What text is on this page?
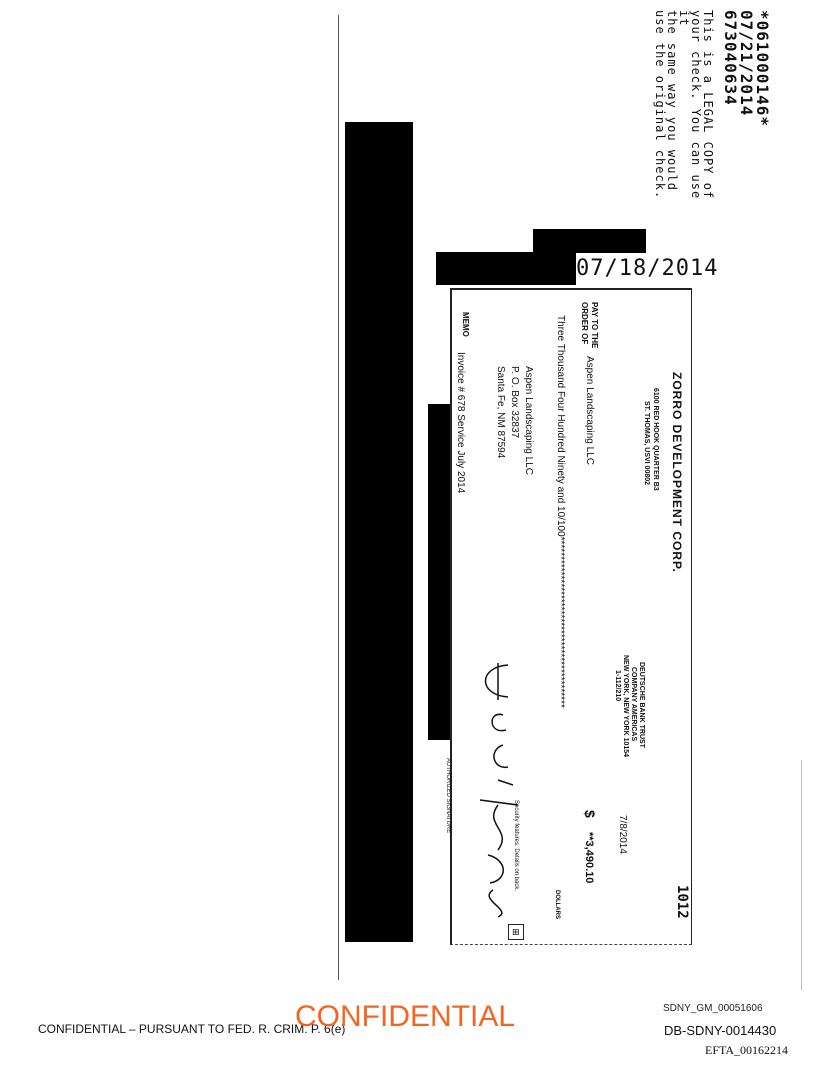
*061000146*
07/21/2014
673040634
This is a LEGAL COPY of
your check. You can use it
the same way you would
use the original check.
07/18/2014
ZORRO DEVELOPMENT CORP.
6100 RED HOOK QUARTER B3
ST. THOMAS, USVI 00802
DEUTSCHE BANK TRUST
COMPANY AMERICAS
NEW YORK, NEW YORK 10154
1-112/210
1012
7/8/2014
PAY TO THE
ORDER OF
Aspen Landscaping LLC
$
**3,490.10
Three Thousand Four Hundred Ninety and 10/100********************************************
DOLLARS
Aspen Landscaping LLC
P. O. Box 32837
Santa Fe, NM 87594
MEMO
Invoice # 678 Service July 2014
AUTHORIZED SIGNATURE
⊞
Security features. Details on back.
CONFIDENTIAL – PURSUANT TO FED. R. CRIM. P. 6(e)
CONFIDENTIAL	SDNY_GM_00051606
DB-SDNY-0014430
EFTA_00162214
